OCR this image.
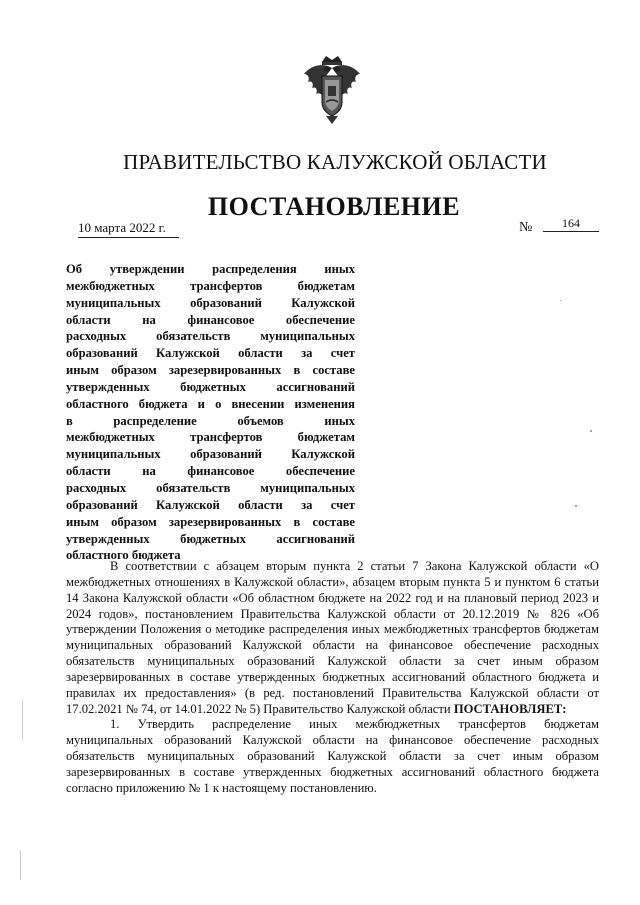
ПРАВИТЕЛЬСТВО КАЛУЖСКОЙ ОБЛАСТИ
ПОСТАНОВЛЕНИЕ
10 марта 2022 г.	№	164
Об утверждении распределения иных
межбюджетных трансфертов бюджетам
муниципальных образований Калужской
области на финансовое обеспечение
расходных обязательств муниципальных
образований Калужской области за счет
иным образом зарезервированных в составе
утвержденных бюджетных ассигнований
областного бюджета и о внесении изменения
в распределение объемов иных
межбюджетных трансфертов бюджетам
муниципальных образований Калужской
области на финансовое обеспечение
расходных обязательств муниципальных
образований Калужской области за счет
иным образом зарезервированных в составе
утвержденных бюджетных ассигнований
областного бюджета

В соответствии с абзацем вторым пункта 2 статьи 7 Закона Калужской области «О межбюджетных отношениях в Калужской области», абзацем вторым пункта 5 и пунктом 6 статьи 14 Закона Калужской области «Об областном бюджете на 2022 год и на плановый период 2023 и 2024 годов», постановлением Правительства Калужской области от 20.12.2019 № 826 «Об утверждении Положения о методике распределения иных межбюджетных трансфертов бюджетам муниципальных образований Калужской области на финансовое обеспечение расходных обязательств муниципальных образований Калужской области за счет иным образом зарезервированных в составе утвержденных бюджетных ассигнований областного бюджета и правилах их предоставления» (в ред. постановлений Правительства Калужской области от 17.02.2021 № 74, от 14.01.2022 № 5) Правительство Калужской области ПОСТАНОВЛЯЕТ:

1. Утвердить распределение иных межбюджетных трансфертов бюджетам муниципальных образований Калужской области на финансовое обеспечение расходных обязательств муниципальных образований Калужской области за счет иным образом зарезервированных в составе утвержденных бюджетных ассигнований областного бюджета согласно приложению № 1 к настоящему постановлению.
